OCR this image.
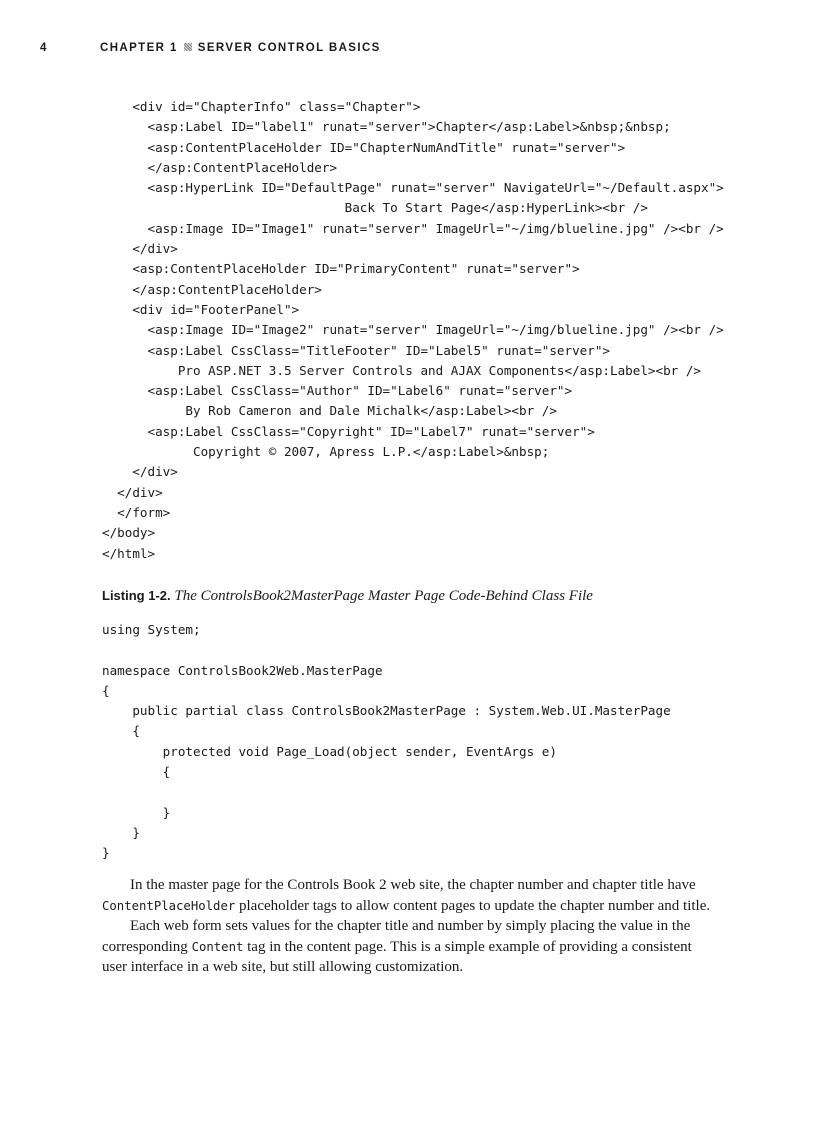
4	CHAPTER 1 SERVER CONTROL BASICS
<div id="ChapterInfo" class="Chapter">
<asp:Label ID="label1" runat="server">Chapter</asp:Label>&nbsp;&nbsp;
<asp:ContentPlaceHolder ID="ChapterNumAndTitle" runat="server">
</asp:ContentPlaceHolder>
<asp:HyperLink ID="DefaultPage" runat="server" NavigateUrl="~/Default.aspx">
Back To Start Page</asp:HyperLink><br />
<asp:Image ID="Image1" runat="server" ImageUrl="~/img/blueline.jpg" /><br />
</div>
<asp:ContentPlaceHolder ID="PrimaryContent" runat="server">
</asp:ContentPlaceHolder>
<div id="FooterPanel">
<asp:Image ID="Image2" runat="server" ImageUrl="~/img/blueline.jpg" /><br />
<asp:Label CssClass="TitleFooter" ID="Label5" runat="server">
Pro ASP.NET 3.5 Server Controls and AJAX Components</asp:Label><br />
<asp:Label CssClass="Author" ID="Label6" runat="server">
By Rob Cameron and Dale Michalk</asp:Label><br />
<asp:Label CssClass="Copyright" ID="Label7" runat="server">
Copyright © 2007, Apress L.P.</asp:Label>&nbsp;
</div>
</div>
</form>
</body>
</html>
Listing 1-2. The ControlsBook2MasterPage Master Page Code-Behind Class File
using System;

namespace ControlsBook2Web.MasterPage
{
public partial class ControlsBook2MasterPage : System.Web.UI.MasterPage
{
protected void Page_Load(object sender, EventArgs e)
{

}
}
}

In the master page for the Controls Book 2 web site, the chapter number and chapter title have ContentPlaceHolder placeholder tags to allow content pages to update the chapter number and title.

Each web form sets values for the chapter title and number by simply placing the value in the corresponding Content tag in the content page. This is a simple example of providing a consistent user interface in a web site, but still allowing customization.
